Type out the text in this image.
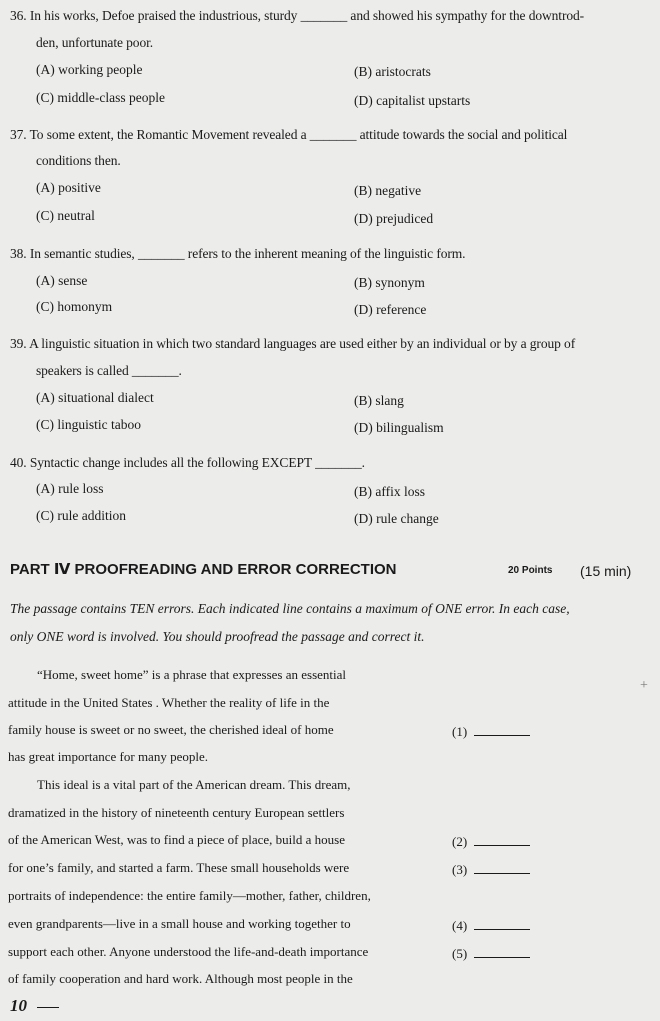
36. In his works, Defoe praised the industrious, sturdy _______ and showed his sympathy for the downtrod-
den, unfortunate poor.
(A) working people	(B) aristocrats
(C) middle-class people	(D) capitalist upstarts
37. To some extent, the Romantic Movement revealed a _______ attitude towards the social and political
conditions then.
(A) positive	(B) negative
(C) neutral	(D) prejudiced
38. In semantic studies, _______ refers to the inherent meaning of the linguistic form.
(A) sense	(B) synonym
(C) homonym	(D) reference
39. A linguistic situation in which two standard languages are used either by an individual or by a group of
speakers is called _______.
(A) situational dialect	(B) slang
(C) linguistic taboo	(D) bilingualism
40. Syntactic change includes all the following EXCEPT _______.
(A) rule loss	(B) affix loss
(C) rule addition	(D) rule change
PART Ⅳ PROOFREADING AND ERROR CORRECTION	20 Points (15 min)
The passage contains TEN errors. Each indicated line contains a maximum of ONE error. In each case,
only ONE word is involved. You should proofread the passage and correct it.
“Home, sweet home” is a phrase that expresses an essential
attitude in the United States . Whether the reality of life in the
family house is sweet or no sweet, the cherished ideal of home
has great importance for many people.
This ideal is a vital part of the American dream. This dream,
dramatized in the history of nineteenth century European settlers
of the American West, was to find a piece of place, build a house
for one’s family, and started a farm. These small households were
portraits of independence: the entire family—mother, father, children,
even grandparents—live in a small house and working together to
support each other. Anyone understood the life-and-death importance
of family cooperation and hard work. Although most people in the
(1)
(2)
(3)
(4)
(5)
10
+
